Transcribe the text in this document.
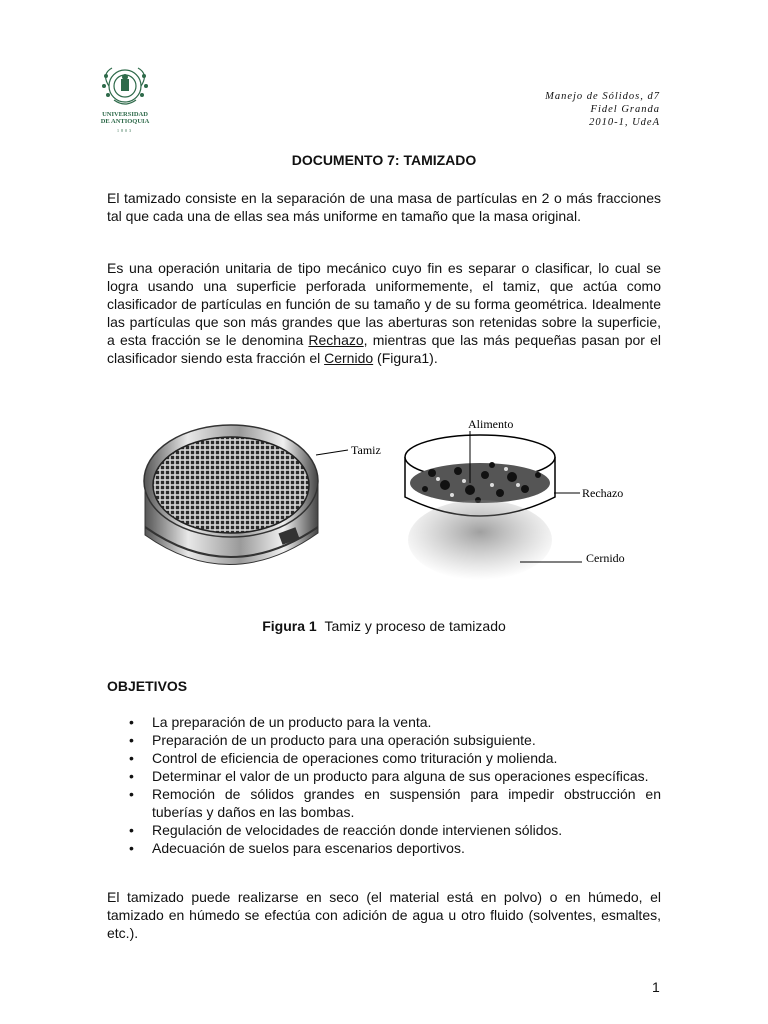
UNIVERSIDAD
DE ANTIOQUIA
1803
Manejo de Sólidos, d7
Fidel Granda
2010-1, UdeA
DOCUMENTO 7: TAMIZADO

El tamizado consiste en la separación de una masa de partículas en 2 o más fracciones tal que cada una de ellas sea más uniforme en tamaño que la masa original.

Es una operación unitaria de tipo mecánico cuyo fin es separar o clasificar, lo cual se logra usando una superficie perforada uniformemente, el tamiz, que actúa como clasificador de partículas en función de su tamaño y de su forma geométrica. Idealmente las partículas que son más grandes que las aberturas son retenidas sobre la superficie, a esta fracción se le denomina Rechazo, mientras que las más pequeñas pasan por el clasificador siendo esta fracción el Cernido (Figura1).

Tamiz
Alimento
Rechazo
Cernido
Figura 1 Tamiz y proceso de tamizado
OBJETIVOS
• La preparación de un producto para la venta.
• Preparación de un producto para una operación subsiguiente.
• Control de eficiencia de operaciones como trituración y molienda.
• Determinar el valor de un producto para alguna de sus operaciones específicas.
• Remoción de sólidos grandes en suspensión para impedir obstrucción en tuberías y daños en las bombas.
• Regulación de velocidades de reacción donde intervienen sólidos.
• Adecuación de suelos para escenarios deportivos.

El tamizado puede realizarse en seco (el material está en polvo) o en húmedo, el tamizado en húmedo se efectúa con adición de agua u otro fluido (solventes, esmaltes, etc.).

1
